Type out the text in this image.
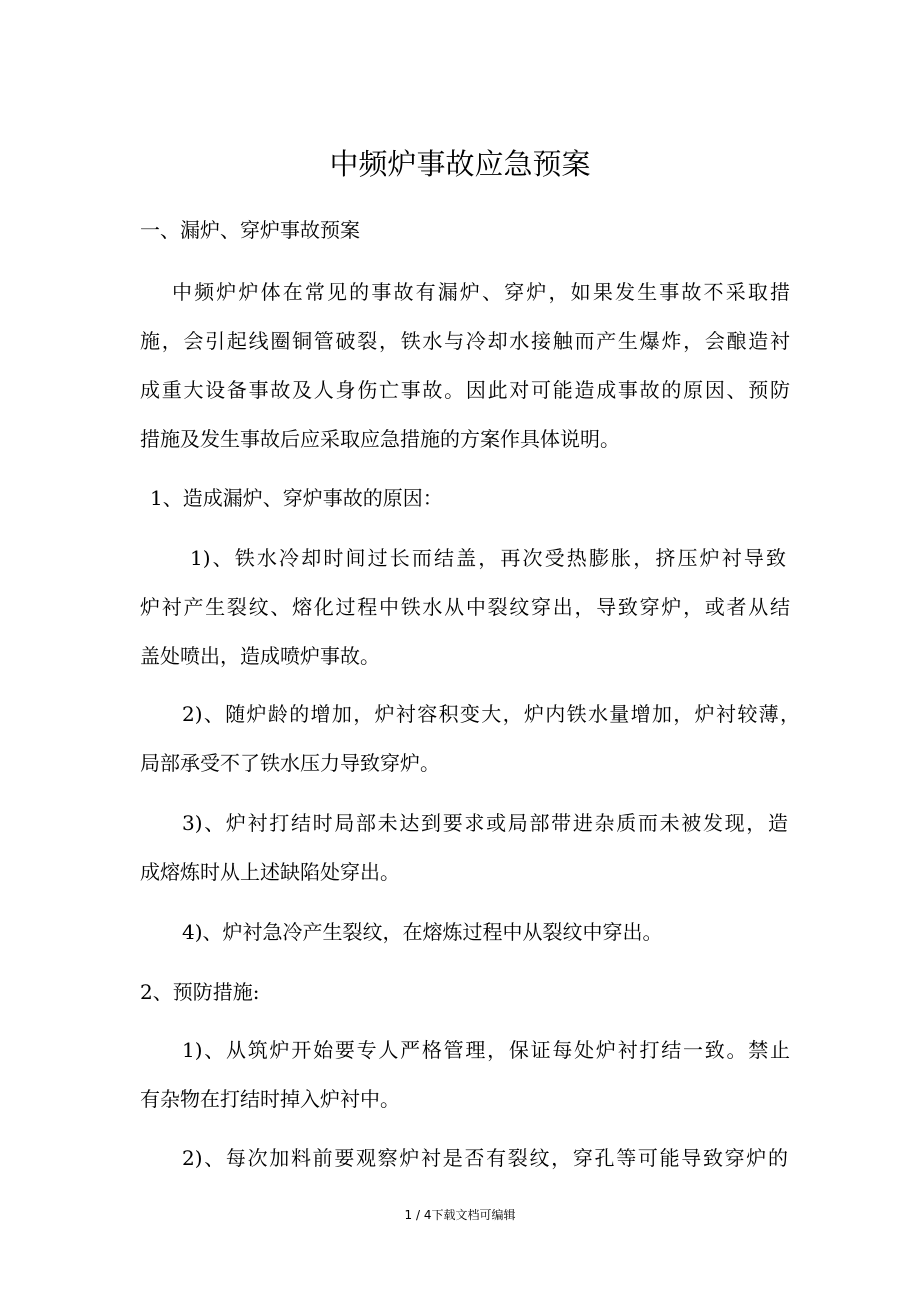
中频炉事故应急预案

一、漏炉、穿炉事故预案

中频炉炉体在常见的事故有漏炉、穿炉，如果发生事故不采取措

施，会引起线圈铜管破裂，铁水与冷却水接触而产生爆炸，会酿造衬

成重大设备事故及人身伤亡事故。因此对可能造成事故的原因、预防

措施及发生事故后应采取应急措施的方案作具体说明。

1、造成漏炉、穿炉事故的原因：

1)、铁水冷却时间过长而结盖，再次受热膨胀，挤压炉衬导致

炉衬产生裂纹、熔化过程中铁水从中裂纹穿出，导致穿炉，或者从结

盖处喷出，造成喷炉事故。

2)、随炉龄的增加，炉衬容积变大，炉内铁水量增加，炉衬较薄，

局部承受不了铁水压力导致穿炉。

3)、炉衬打结时局部未达到要求或局部带进杂质而未被发现，造

成熔炼时从上述缺陷处穿出。

4)、炉衬急冷产生裂纹，在熔炼过程中从裂纹中穿出。

2、预防措施:

1)、从筑炉开始要专人严格管理，保证每处炉衬打结一致。禁止

有杂物在打结时掉入炉衬中。

2)、每次加料前要观察炉衬是否有裂纹，穿孔等可能导致穿炉的

1 / 4下载文档可编辑
